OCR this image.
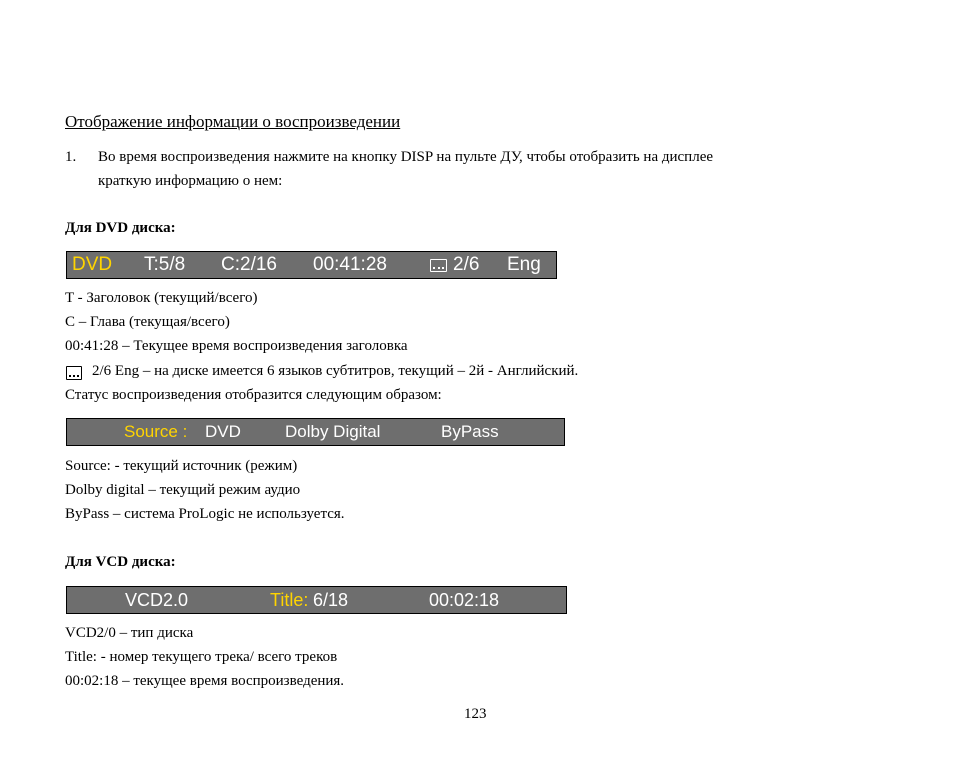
Отображение информации о воспроизведении
1. Во время воспроизведения нажмите на кнопку DISP на пульте ДУ, чтобы отобразить на дисплее
краткую информацию о нем:
Для DVD диска:
DVD T:5/8 C:2/16 00:41:28	2/6 Eng
T - Заголовок (текущий/всего)
C – Глава (текущая/всего)
00:41:28 – Текущее время воспроизведения заголовка
2/6 Eng – на диске имеется 6 языков субтитров, текущий – 2й - Английский.
Статус воспроизведения отобразится следующим образом:
Source : DVD	Dolby Digital	ByPass
Source: - текущий источник (режим)
Dolby digital – текущий режим аудио
ByPass – система ProLogic не используется.
Для VCD диска:
VCD2.0	Title: 6/18	00:02:18
VCD2/0 – тип диска
Title: - номер текущего трека/ всего треков
00:02:18 – текущее время воспроизведения.
123
